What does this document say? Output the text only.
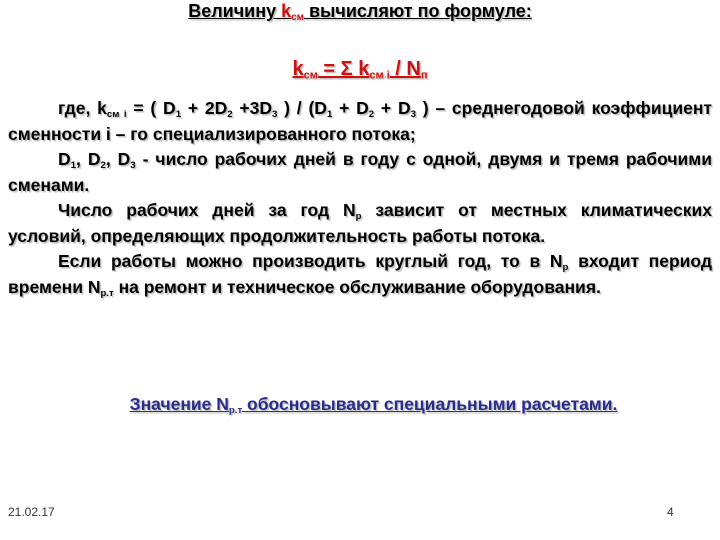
Величину $k_{см}$ вычисляют по формуле:
$k_{см} = \Sigma$ $k_{см i} / N_п$

где, $k_{см i}$ = ( $D_1 + 2D_2 +3D_3$ ) / ($D_1 + D_2 + D_3$ ) – среднегодовой коэффициент сменности i – го специализированного потока;

$D_1$, $D_2$, $D_3$ - число рабочих дней в году с одной, двумя и тремя рабочими сменами.

Число рабочих дней за год $N_р$ зависит от местных климатических условий, определяющих продолжительность работы потока.

Если работы можно производить круглый год, то в $N_р$ входит период времени $N_{р.т}$ на ремонт и техническое обслуживание оборудования.

Значение $N_{р.т}$ обосновывают специальными расчетами.
21.02.17	4
